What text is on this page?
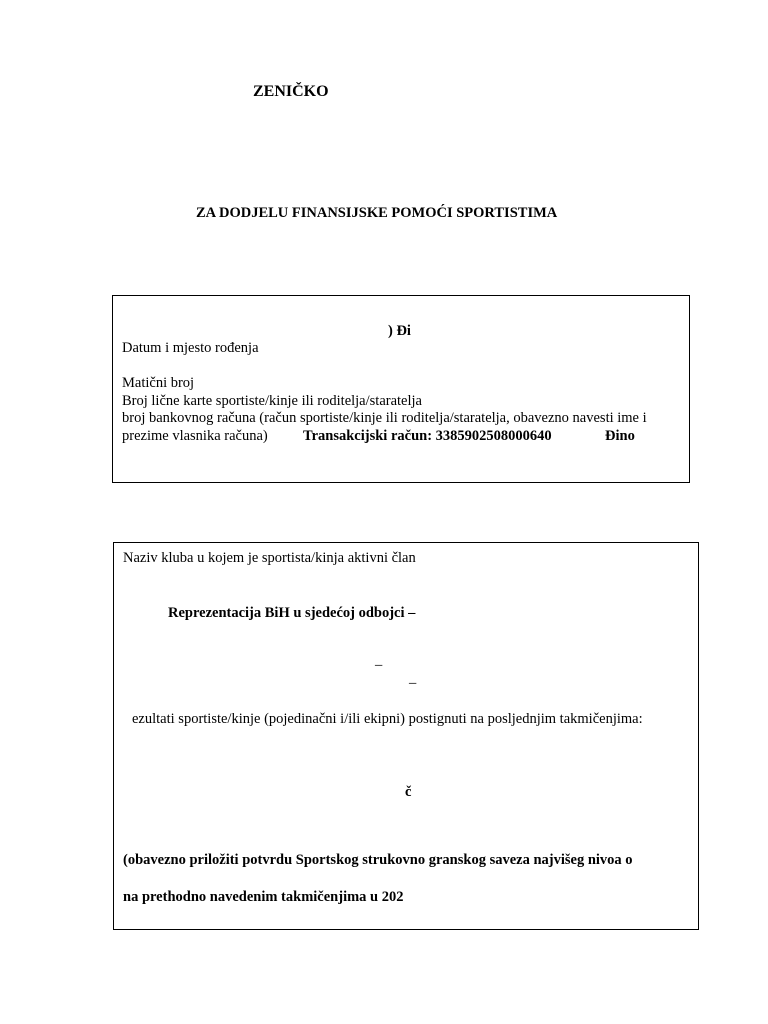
ZENIČKO
ZA DODJELU FINANSIJSKE POMOĆI SPORTISTIMA
) Ði
Datum i mjesto rođenja
Matični broj
Broj lične karte sportiste/kinje ili roditelja/staratelja
broj bankovnog računa (račun sportiste/kinje ili roditelja/staratelja, obavezno navesti ime i
prezime vlasnika računa) Transakcijski račun: 3385902508000640	Đino
Naziv kluba u kojem je sportista/kinja aktivni član
Reprezentacija BiH u sjedećoj odbojci –
–
–
ezultati sportiste/kinje (pojedinačni i/ili ekipni) postignuti na posljednjim takmičenjima:
č
(obavezno priložiti potvrdu Sportskog strukovno granskog saveza najvišeg nivoa o
na prethodno navedenim takmičenjima u 202
